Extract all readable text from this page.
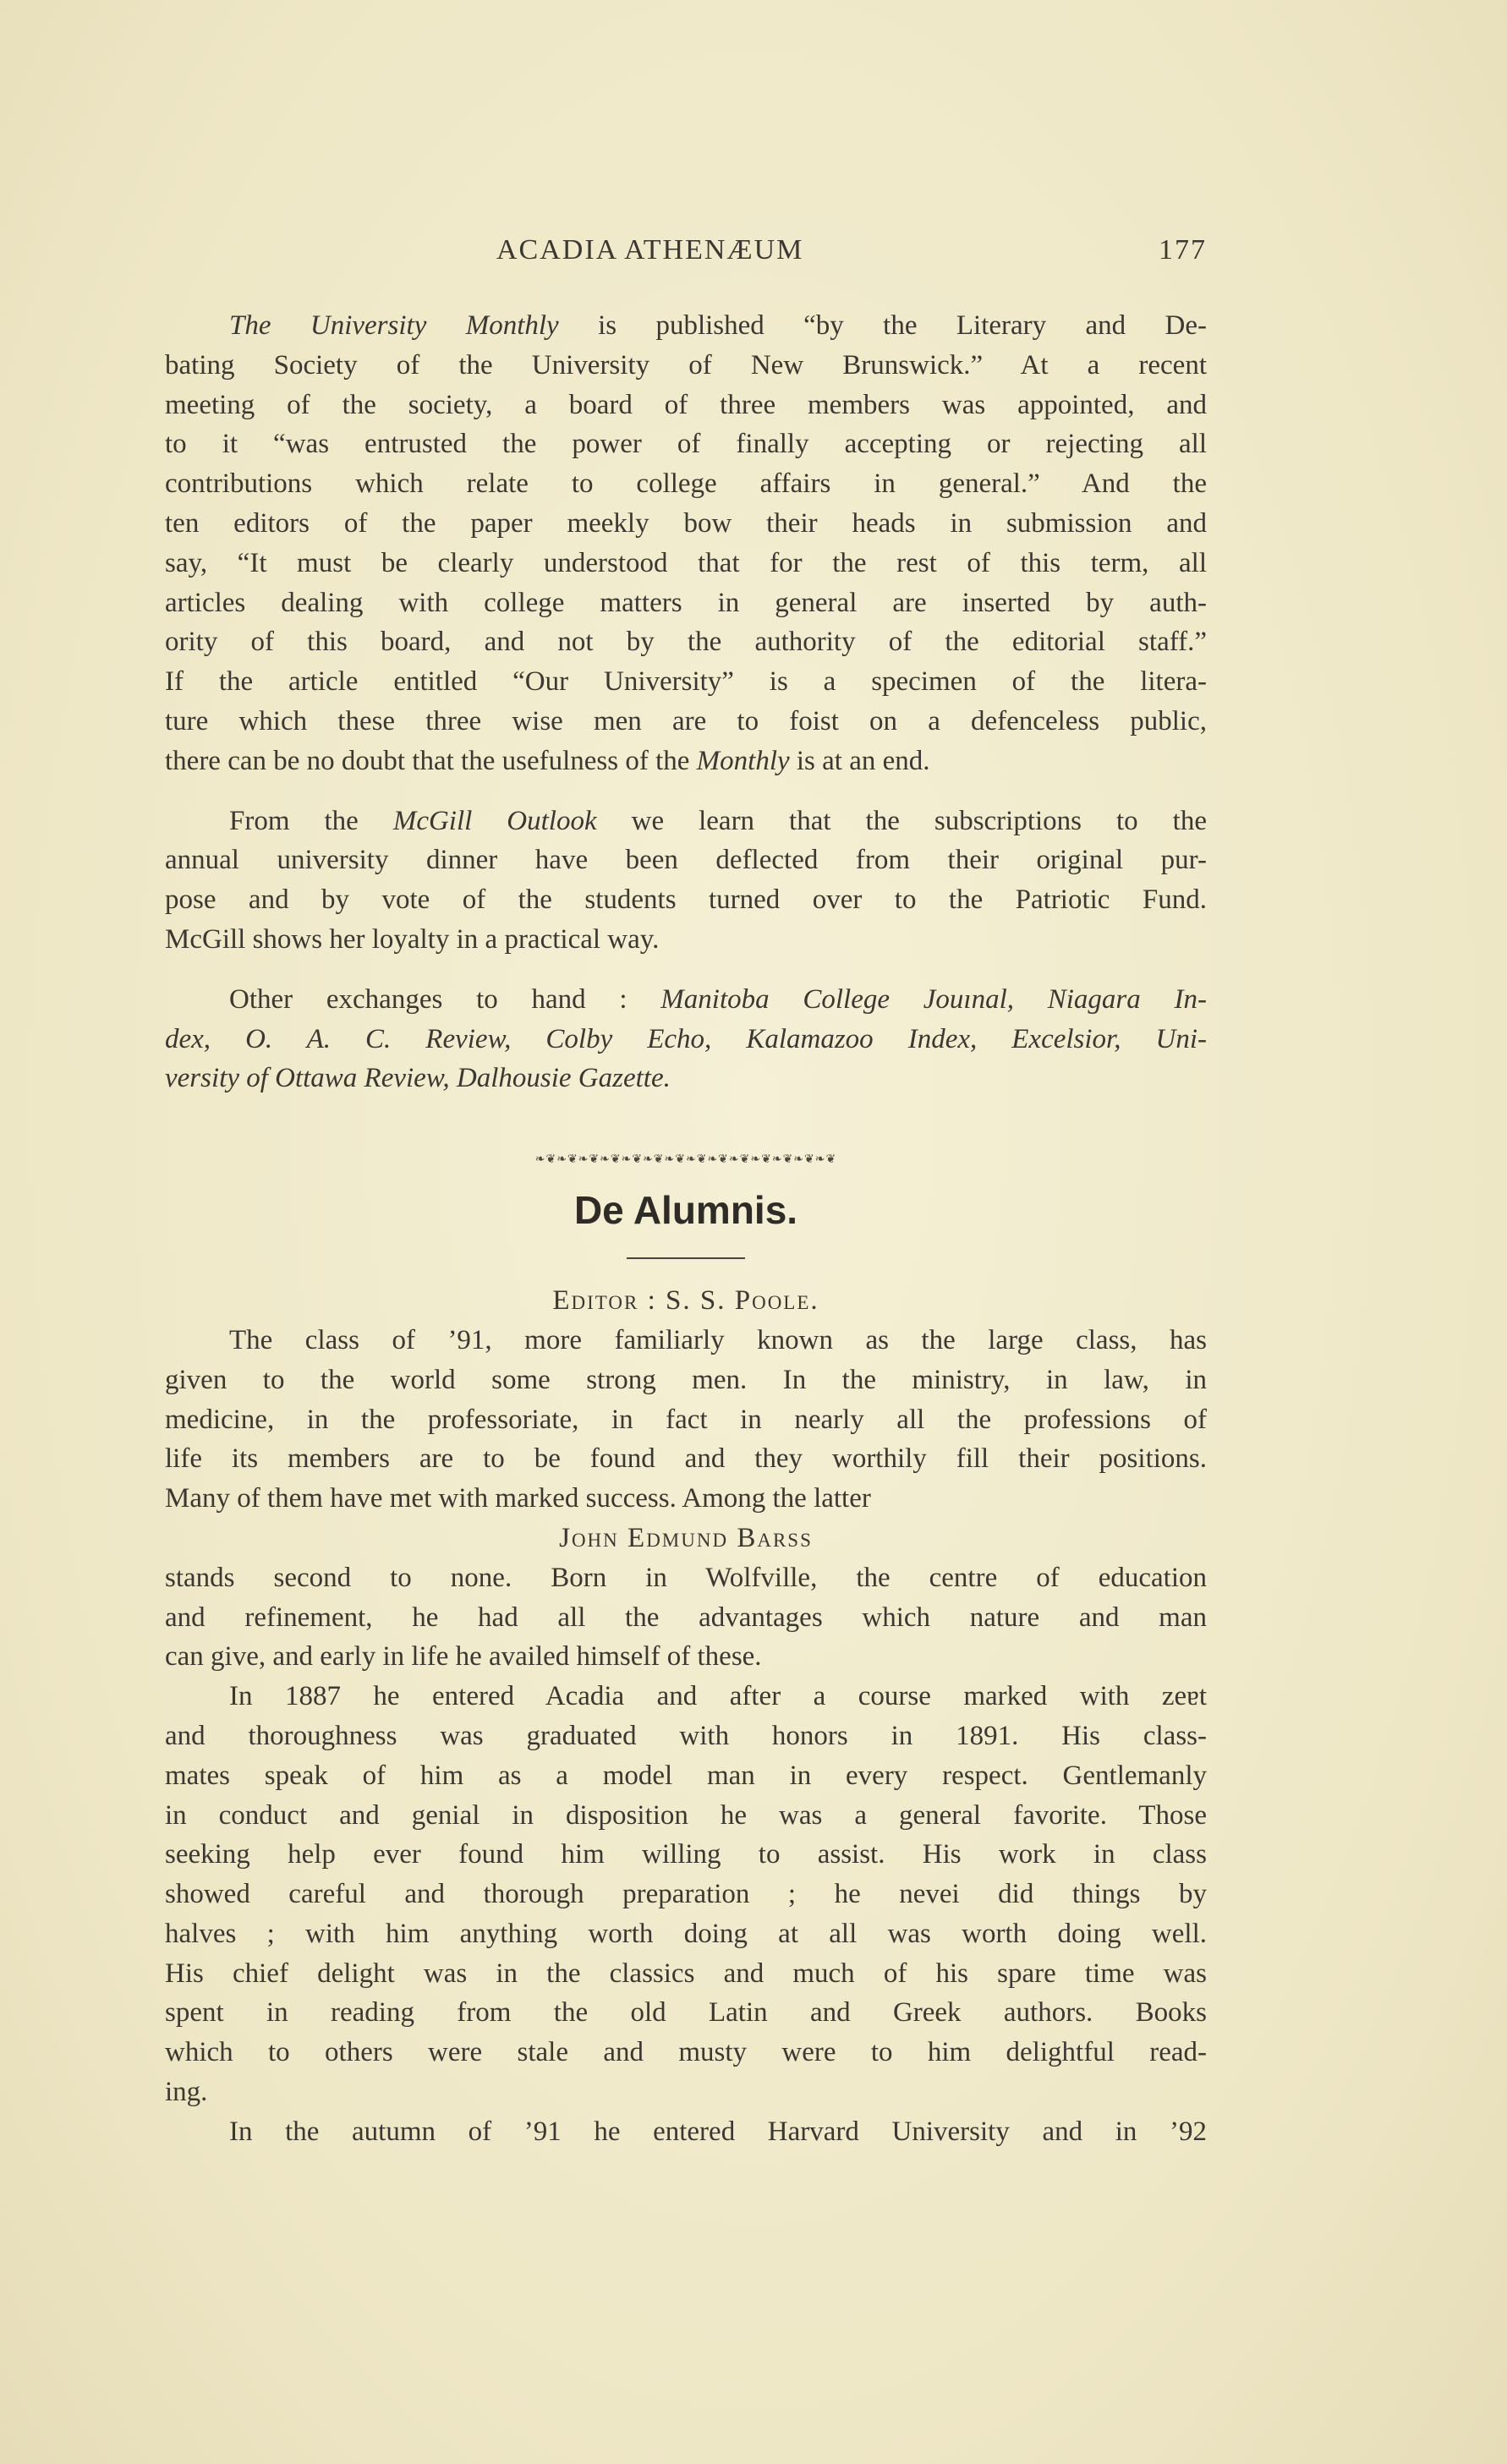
ACADIA ATHENÆUM	177

The University Monthly is published “by the Literary and De-

bating Society of the University of New Brunswick.” At a recent

meeting of the society, a board of three members was appointed, and

to it “was entrusted the power of finally accepting or rejecting all

contributions which relate to college affairs in general.” And the

ten editors of the paper meekly bow their heads in submission and

say, “It must be clearly understood that for the rest of this term, all

articles dealing with college matters in general are inserted by auth-

ority of this board, and not by the authority of the editorial staff.”

If the article entitled “Our University” is a specimen of the litera-

ture which these three wise men are to foist on a defenceless public,

there can be no doubt that the usefulness of the Monthly is at an end.

From the McGill Outlook we learn that the subscriptions to the

annual university dinner have been deflected from their original pur-

pose and by vote of the students turned over to the Patriotic Fund.

McGill shows her loyalty in a practical way.

Other exchanges to hand : Manitoba College Jouınal, Niagara In-

dex, O. A. C. Review, Colby Echo, Kalamazoo Index, Excelsior, Uni-

versity of Ottawa Review, Dalhousie Gazette.

❧❦❧❦❧❦❧❦❧❦❧❦❧❦❧❦❧❦❧❦❧❦❧❦❧❦❧❦
De Alumnis.
Editor : S. S. Poole.

The class of ’91, more familiarly known as the large class, has

given to the world some strong men. In the ministry, in law, in

medicine, in the professoriate, in fact in nearly all the professions of

life its members are to be found and they worthily fill their positions.

Many of them have met with marked success. Among the latter

John Edmund Barss

stands second to none. Born in Wolfville, the centre of education

and refinement, he had all the advantages which nature and man

can give, and early in life he availed himself of these.

In 1887 he entered Acadia and after a course marked with zeɐt

and thoroughness was graduated with honors in 1891. His class-

mates speak of him as a model man in every respect. Gentlemanly

in conduct and genial in disposition he was a general favorite. Those

seeking help ever found him willing to assist. His work in class

showed careful and thorough preparation ; he nevei did things by

halves ; with him anything worth doing at all was worth doing well.

His chief delight was in the classics and much of his spare time was

spent in reading from the old Latin and Greek authors. Books

which to others were stale and musty were to him delightful read-

ing.

In the autumn of ’91 he entered Harvard University and in ’92
